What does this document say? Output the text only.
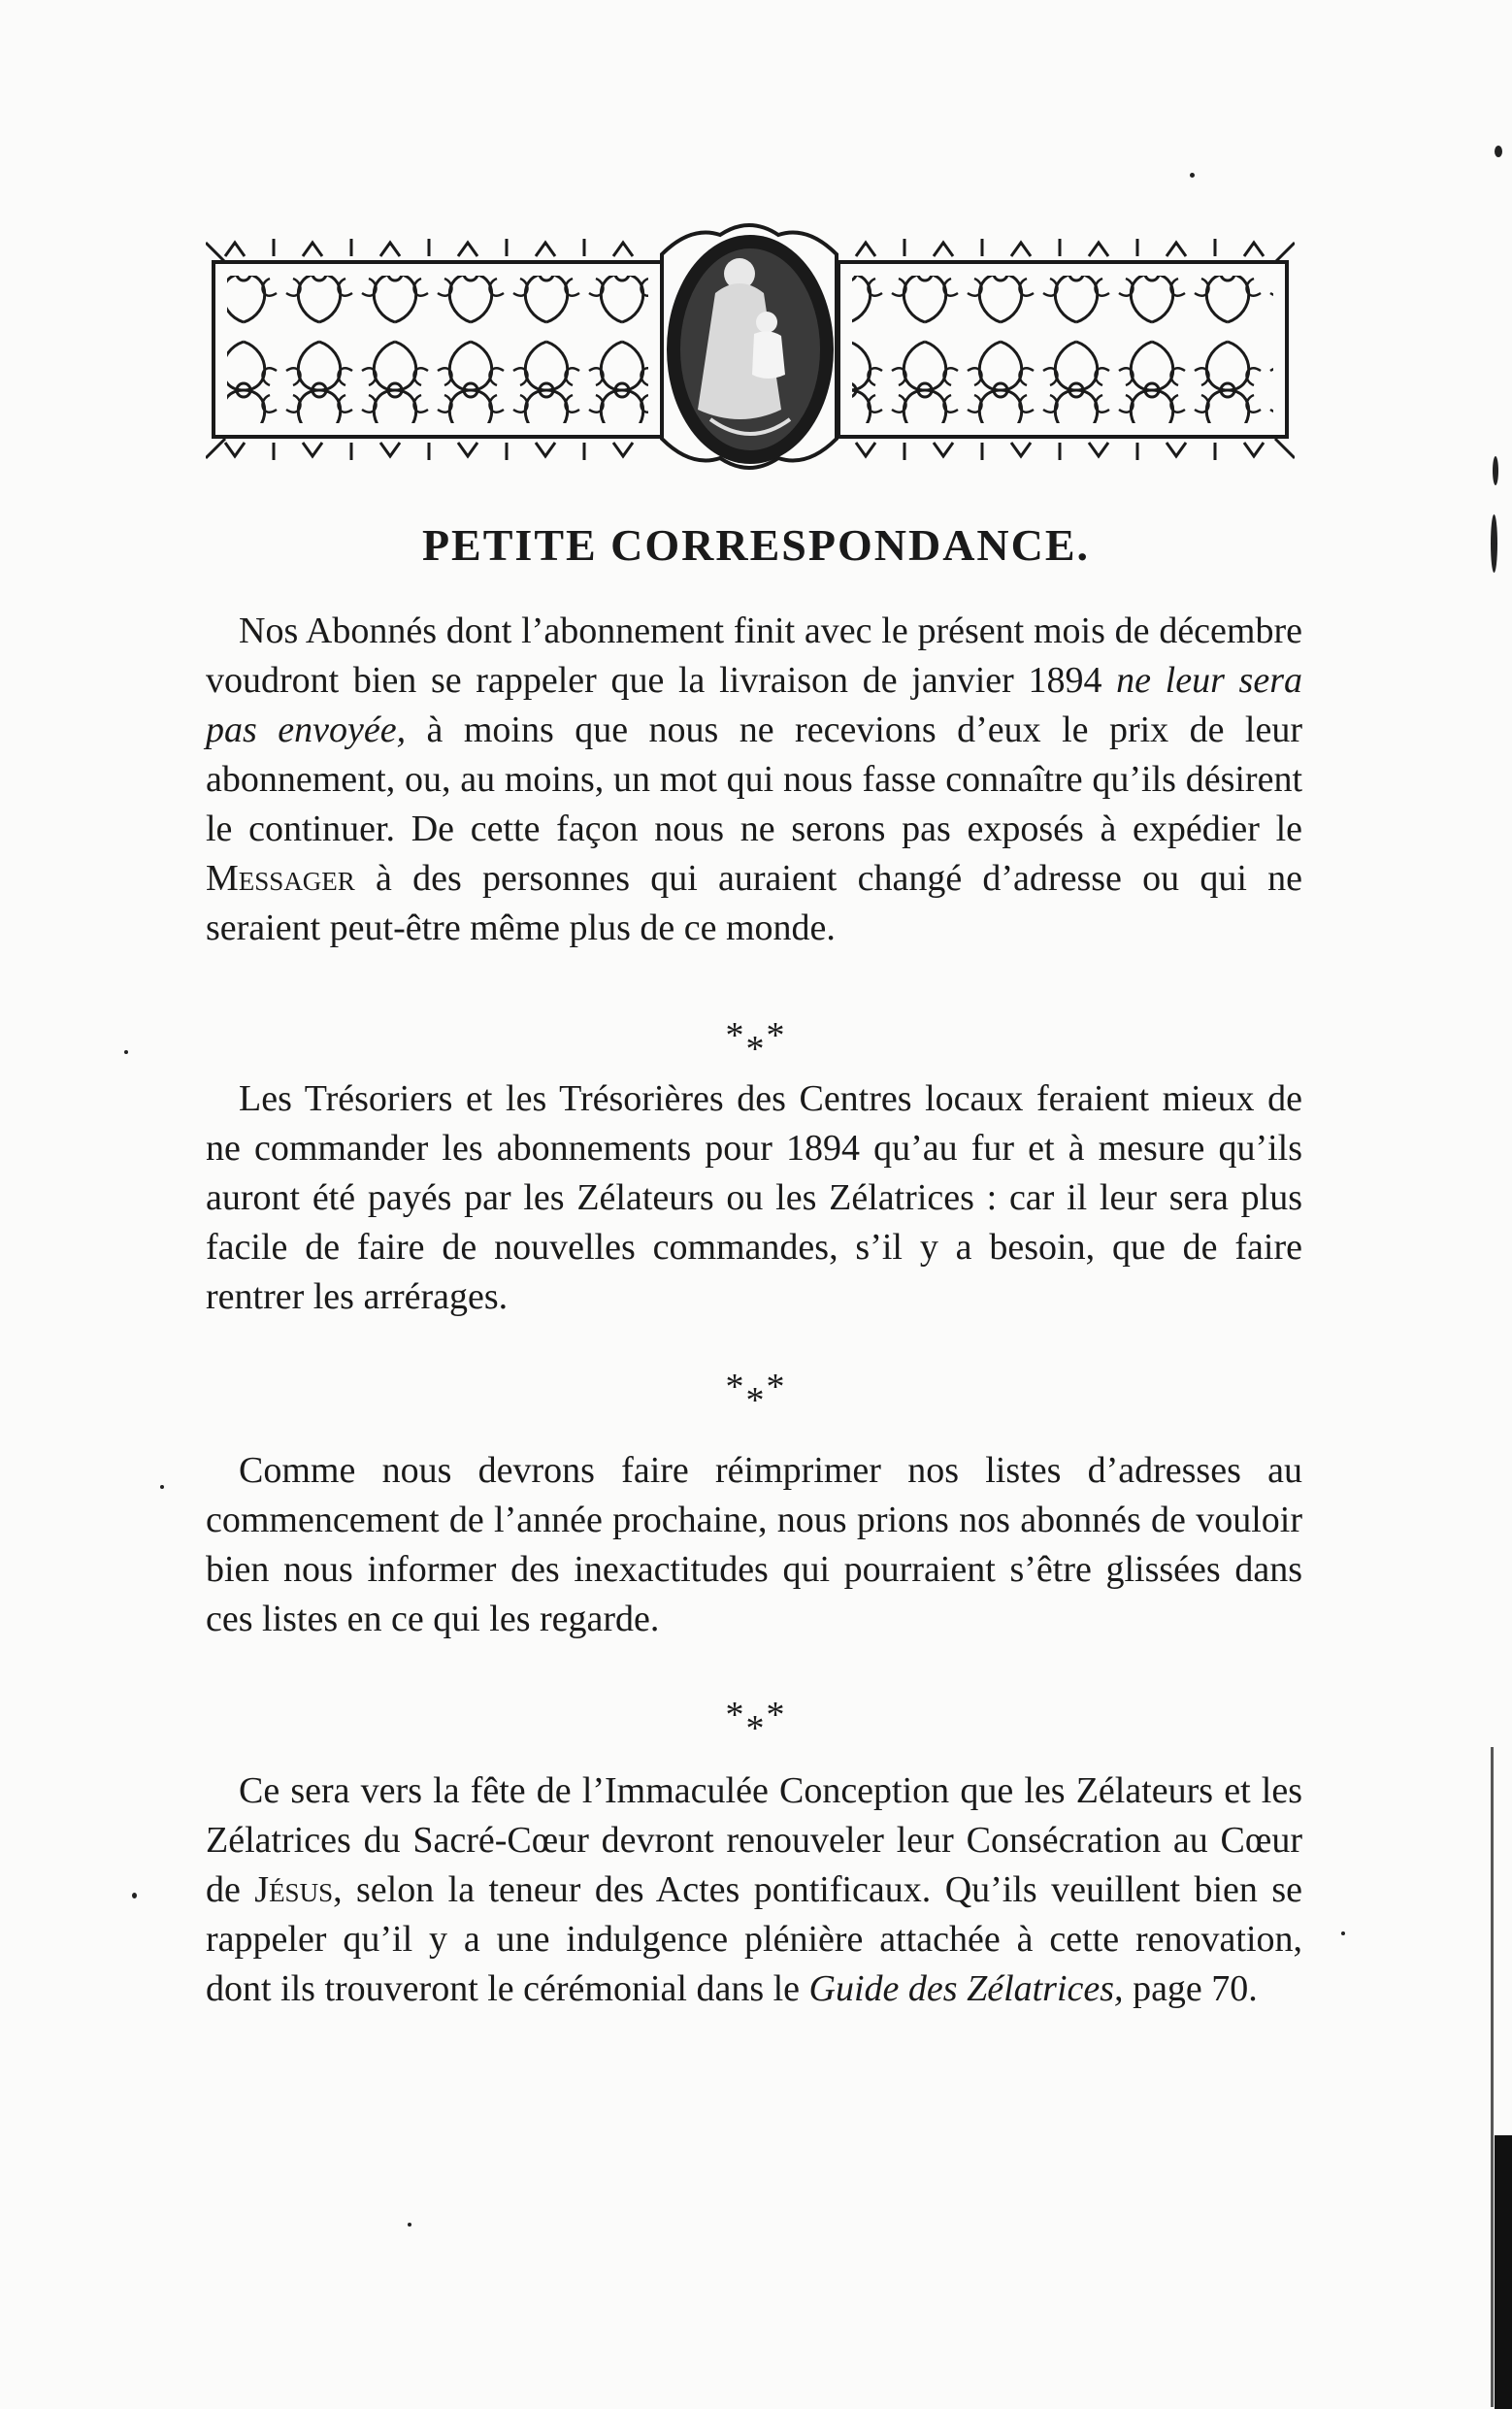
PETITE CORRESPONDANCE.

Nos Abonnés dont l’abonnement finit avec le présent mois de décembre voudront bien se rappeler que la livraison de janvier 1894 ne leur sera pas envoyée, à moins que nous ne recevions d’eux le prix de leur abonnement, ou, au moins, un mot qui nous fasse connaître qu’ils désirent le continuer. De cette façon nous ne serons pas exposés à expédier le Messager à des personnes qui auraient changé d’adresse ou qui ne seraient peut-être même plus de ce monde.

***

Les Trésoriers et les Trésorières des Centres locaux feraient mieux de ne commander les abonnements pour 1894 qu’au fur et à mesure qu’ils auront été payés par les Zélateurs ou les Zélatrices : car il leur sera plus facile de faire de nouvelles commandes, s’il y a besoin, que de faire rentrer les arrérages.

***

Comme nous devrons faire réimprimer nos listes d’adresses au commencement de l’année prochaine, nous prions nos abonnés de vouloir bien nous informer des inexactitudes qui pourraient s’être glissées dans ces listes en ce qui les regarde.

***

Ce sera vers la fête de l’Immaculée Conception que les Zélateurs et les Zélatrices du Sacré-Cœur devront renouveler leur Consécration au Cœur de Jésus, selon la teneur des Actes pontificaux. Qu’ils veuillent bien se rappeler qu’il y a une indulgence plénière attachée à cette renovation, dont ils trouveront le cérémonial dans le Guide des Zélatrices, page 70.
